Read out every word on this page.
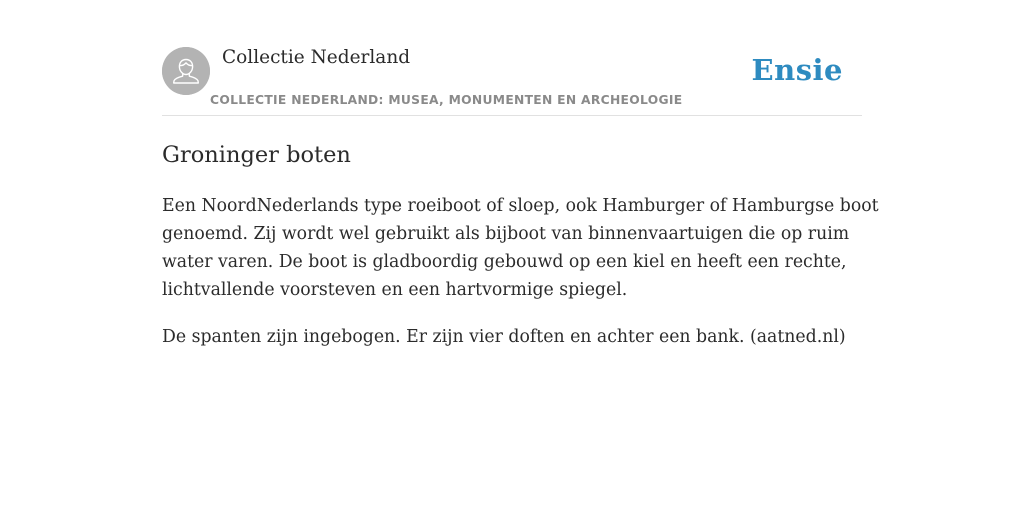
Collectie Nederland	Ensie
COLLECTIE NEDERLAND: MUSEA, MONUMENTEN EN ARCHEOLOGIE
Groninger boten

Een NoordNederlands type roeiboot of sloep, ook Hamburger of Hamburgse boot
genoemd. Zij wordt wel gebruikt als bijboot van binnenvaartuigen die op ruim
water varen. De boot is gladboordig gebouwd op een kiel en heeft een rechte,
lichtvallende voorsteven en een hartvormige spiegel.

De spanten zijn ingebogen. Er zijn vier doften en achter een bank. (aatned.nl)
